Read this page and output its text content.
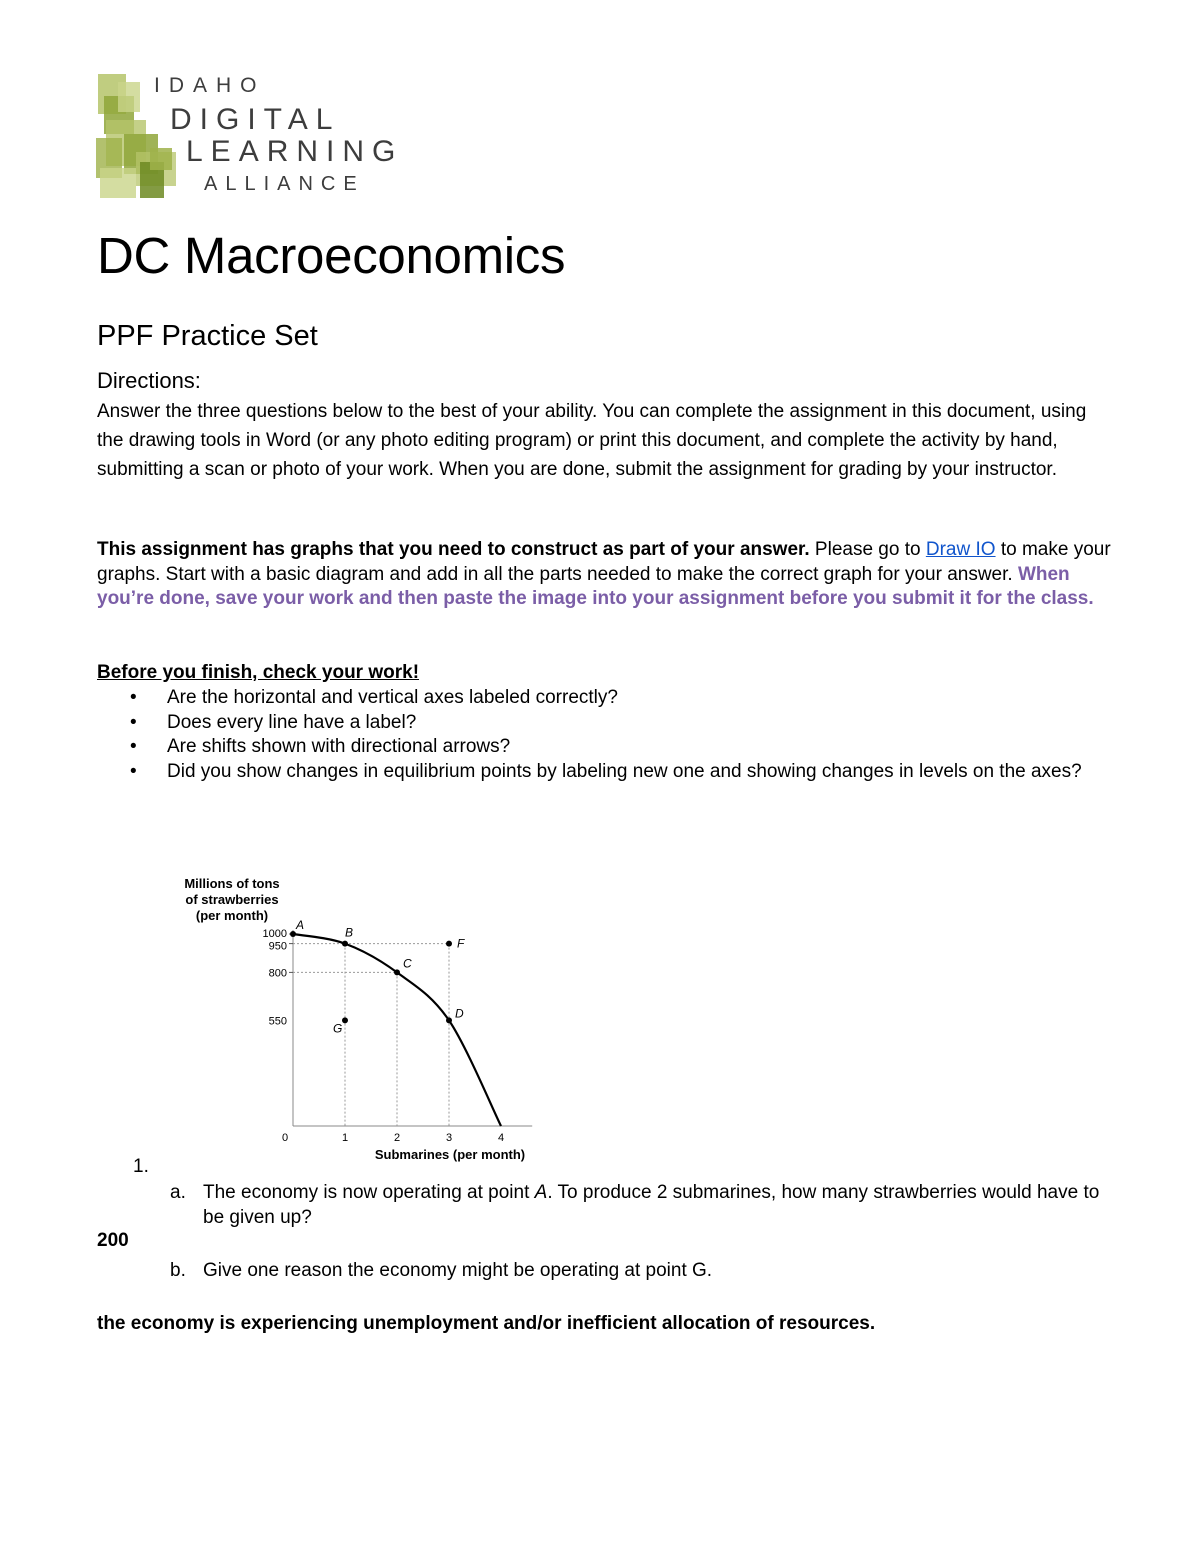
IDAHO
DIGITAL
LEARNING
ALLIANCE
DC Macroeconomics
PPF Practice Set
Directions:
Answer the three questions below to the best of your ability. You can complete the assignment in this document, using the drawing tools in Word (or any photo editing program) or print this document, and complete the activity by hand, submitting a scan or photo of your work. When you are done, submit the assignment for grading by your instructor.
This assignment has graphs that you need to construct as part of your answer. Please go to Draw IO to make your graphs. Start with a basic diagram and add in all the parts needed to make the correct graph for your answer. When you’re done, save your work and then paste the image into your assignment before you submit it for the class.
Before you finish, check your work!
• Are the horizontal and vertical axes labeled correctly?
• Does every line have a label?
• Are shifts shown with directional arrows?
• Did you show changes in equilibrium points by labeling new one and showing changes in levels on the axes?
Millions of tons
of strawberries
(per month)
Submarines (per month)
0	1	2	3	4
550
800
950
1000
A
B
C
D
F
G
1.
a. The economy is now operating at point A. To produce 2 submarines, how many strawberries would have to be given up?
200
b. Give one reason the economy might be operating at point G.
the economy is experiencing unemployment and/or inefficient allocation of resources.
